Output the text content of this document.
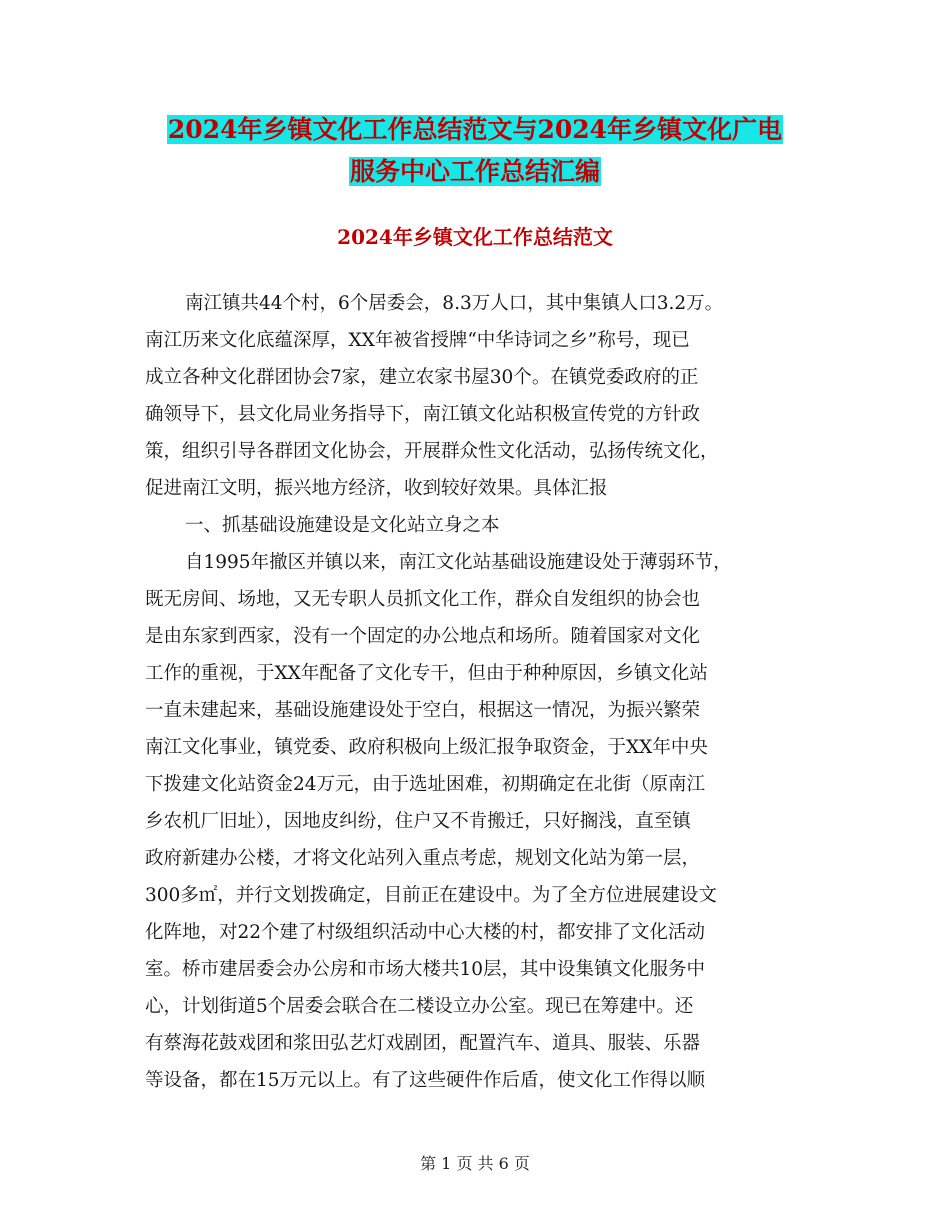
2024年乡镇文化工作总结范文与2024年乡镇文化广电
服务中心工作总结汇编
2024年乡镇文化工作总结范文
南江镇共44个村，6个居委会，8.3万人口，其中集镇人口3.2万。
南江历来文化底蕴深厚，XX年被省授牌“中华诗词之乡”称号，现已
成立各种文化群团协会7家，建立农家书屋30个。在镇党委政府的正
确领导下，县文化局业务指导下，南江镇文化站积极宣传党的方针政
策，组织引导各群团文化协会，开展群众性文化活动，弘扬传统文化，
促进南江文明，振兴地方经济，收到较好效果。具体汇报
一、抓基础设施建设是文化站立身之本
自1995年撤区并镇以来，南江文化站基础设施建设处于薄弱环节，
既无房间、场地，又无专职人员抓文化工作，群众自发组织的协会也
是由东家到西家，没有一个固定的办公地点和场所。随着国家对文化
工作的重视，于XX年配备了文化专干，但由于种种原因，乡镇文化站
一直未建起来，基础设施建设处于空白，根据这一情况，为振兴繁荣
南江文化事业，镇党委、政府积极向上级汇报争取资金，于XX年中央
下拨建文化站资金24万元，由于选址困难，初期确定在北街（原南江
乡农机厂旧址），因地皮纠纷，住户又不肯搬迁，只好搁浅，直至镇
政府新建办公楼，才将文化站列入重点考虑，规划文化站为第一层，
300多㎡，并行文划拨确定，目前正在建设中。为了全方位进展建设文
化阵地，对22个建了村级组织活动中心大楼的村，都安排了文化活动
室。桥市建居委会办公房和市场大楼共10层，其中设集镇文化服务中
心，计划街道5个居委会联合在二楼设立办公室。现已在筹建中。还
有蔡海花鼓戏团和浆田弘艺灯戏剧团，配置汽车、道具、服装、乐器
等设备，都在15万元以上。有了这些硬件作后盾，使文化工作得以顺
第 1 页 共 6 页
